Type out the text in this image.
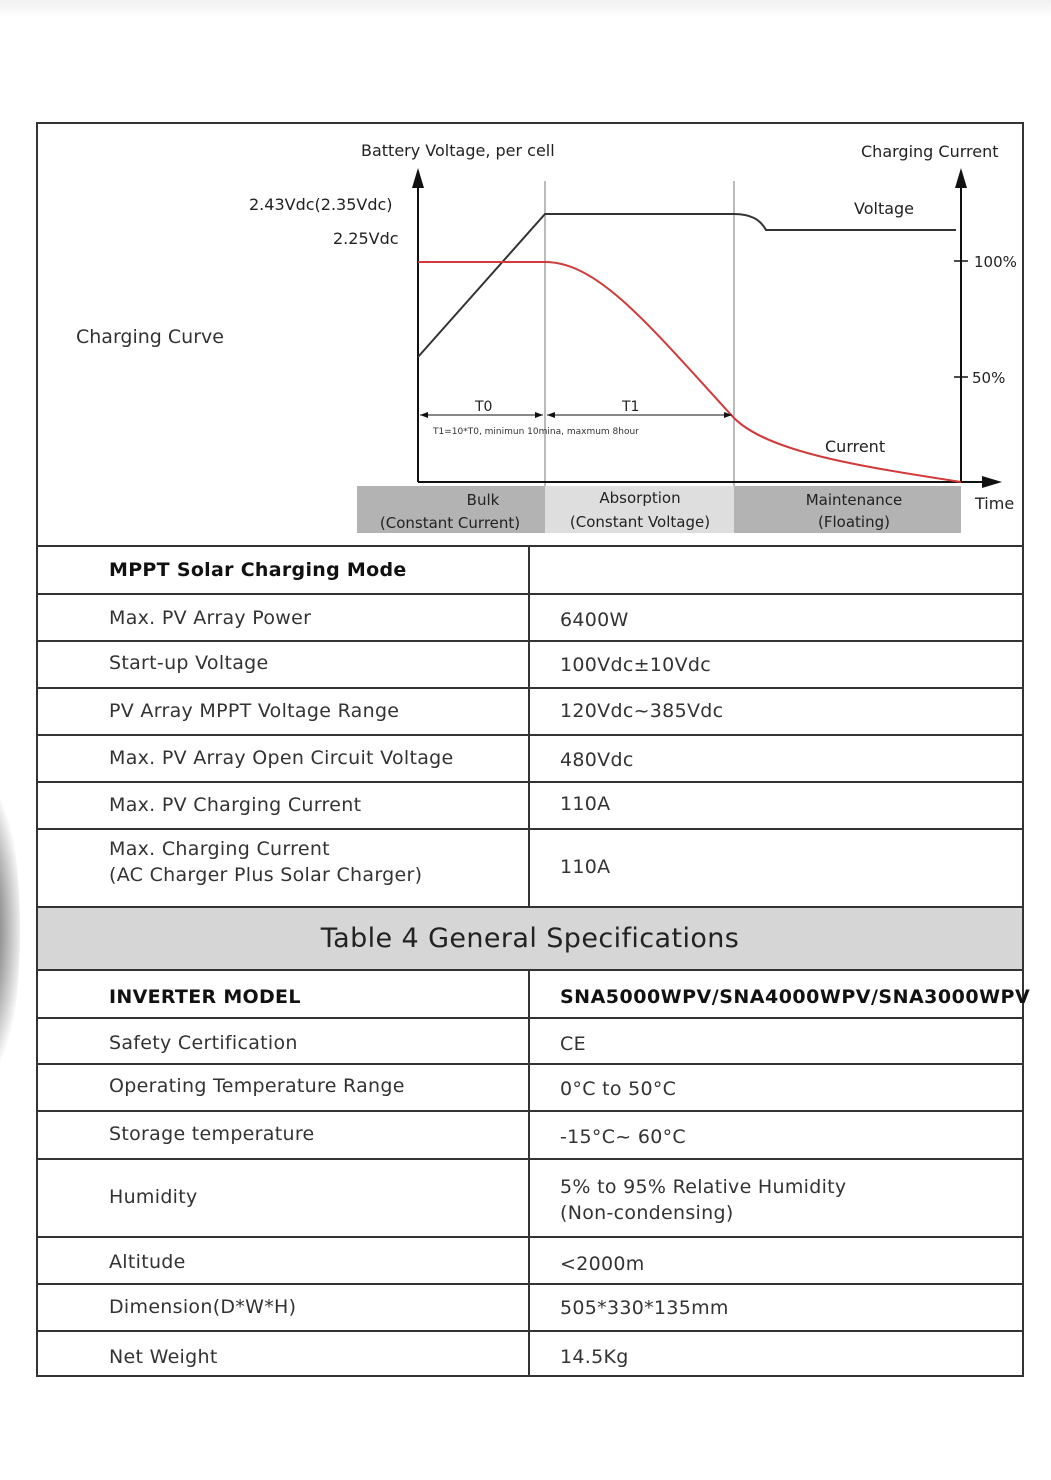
Battery Voltage, per cell	Charging Current
2.43Vdc(2.35Vdc)
2.25Vdc
Voltage
Current
100%
50%
T0	T1
T1=10*T0, minimun 10mina, maxmum 8hour
Time
Bulk
(Constant Current)
Absorption
(Constant Voltage)
Maintenance
(Floating)
Charging Curve
MPPT Solar Charging Mode
Max. PV Array Power	6400W
Start-up Voltage	100Vdc±10Vdc
PV Array MPPT Voltage Range	120Vdc~385Vdc
Max. PV Array Open Circuit Voltage	480Vdc
Max. PV Charging Current	110A
Max. Charging Current
(AC Charger Plus Solar Charger)	110A
Table 4 General Specifications
INVERTER MODEL	SNA5000WPV/SNA4000WPV/SNA3000WPV
Safety Certification	CE
Operating Temperature Range	0°C to 50°C
Storage temperature	-15°C~ 60°C
Humidity	5% to 95% Relative Humidity
(Non-condensing)
Altitude	<2000m
Dimension(D*W*H)	505*330*135mm
Net Weight	14.5Kg
